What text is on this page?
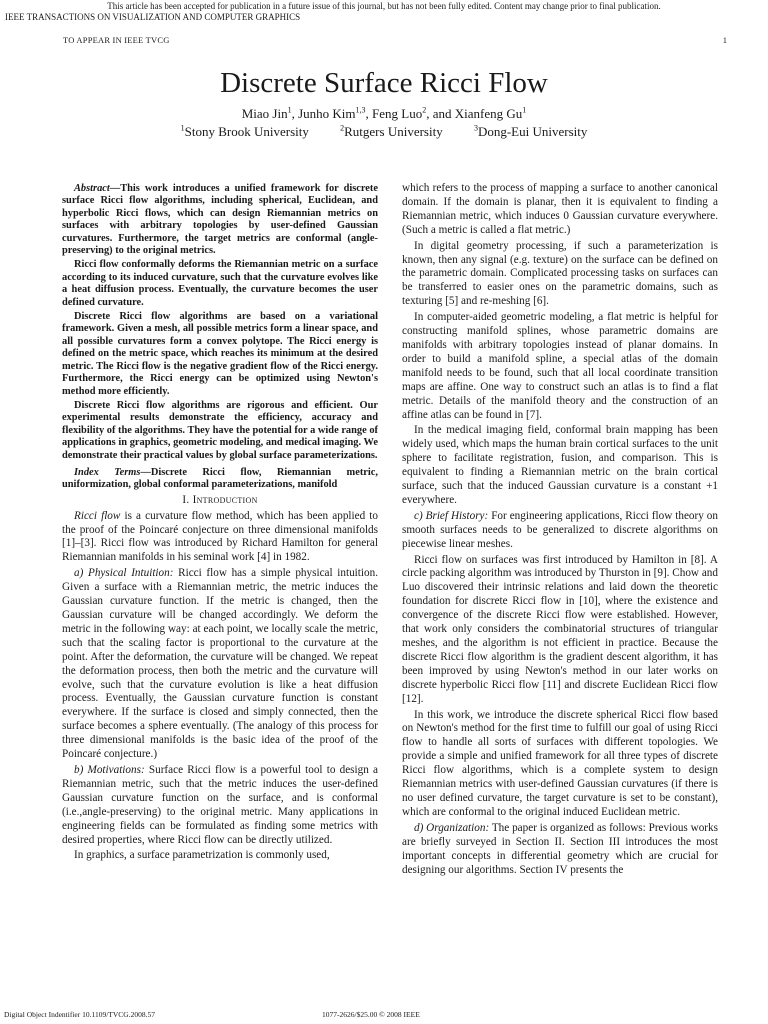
This article has been accepted for publication in a future issue of this journal, but has not been fully edited. Content may change prior to final publication.
IEEE TRANSACTIONS ON VISUALIZATION AND COMPUTER GRAPHICS
TO APPEAR IN IEEE TVCG	1
Discrete Surface Ricci Flow
Miao Jin$^1$, Junho Kim$^{1,3}$, Feng Luo$^2$, and Xianfeng Gu$^1$
$^1$Stony Brook University	$^2$Rutgers University	$^3$Dong-Eui University

Abstract—This work introduces a unified framework for discrete surface Ricci flow algorithms, including spherical, Euclidean, and hyperbolic Ricci flows, which can design Riemannian metrics on surfaces with arbitrary topologies by user-defined Gaussian curvatures. Furthermore, the target metrics are conformal (angle-preserving) to the original metrics.

Ricci flow conformally deforms the Riemannian metric on a surface according to its induced curvature, such that the curvature evolves like a heat diffusion process. Eventually, the curvature becomes the user defined curvature.

Discrete Ricci flow algorithms are based on a variational framework. Given a mesh, all possible metrics form a linear space, and all possible curvatures form a convex polytope. The Ricci energy is defined on the metric space, which reaches its minimum at the desired metric. The Ricci flow is the negative gradient flow of the Ricci energy. Furthermore, the Ricci energy can be optimized using Newton's method more efficiently.

Discrete Ricci flow algorithms are rigorous and efficient. Our experimental results demonstrate the efficiency, accuracy and flexibility of the algorithms. They have the potential for a wide range of applications in graphics, geometric modeling, and medical imaging. We demonstrate their practical values by global surface parameterizations.

Index Terms—Discrete Ricci flow, Riemannian metric, uniformization, global conformal parameterizations, manifold

I. Introduction

Ricci flow is a curvature flow method, which has been applied to the proof of the Poincaré conjecture on three dimensional manifolds [1]–[3]. Ricci flow was introduced by Richard Hamilton for general Riemannian manifolds in his seminal work [4] in 1982.

a) Physical Intuition: Ricci flow has a simple physical intuition. Given a surface with a Riemannian metric, the metric induces the Gaussian curvature function. If the metric is changed, then the Gaussian curvature will be changed accordingly. We deform the metric in the following way: at each point, we locally scale the metric, such that the scaling factor is proportional to the curvature at the point. After the deformation, the curvature will be changed. We repeat the deformation process, then both the metric and the curvature will evolve, such that the curvature evolution is like a heat diffusion process. Eventually, the Gaussian curvature function is constant everywhere. If the surface is closed and simply connected, then the surface becomes a sphere eventually. (The analogy of this process for three dimensional manifolds is the basic idea of the proof of the Poincaré conjecture.)

b) Motivations: Surface Ricci flow is a powerful tool to design a Riemannian metric, such that the metric induces the user-defined Gaussian curvature function on the surface, and is conformal (i.e.,angle-preserving) to the original metric. Many applications in engineering fields can be formulated as finding some metrics with desired properties, where Ricci flow can be directly utilized.

In graphics, a surface parametrization is commonly used,

which refers to the process of mapping a surface to another canonical domain. If the domain is planar, then it is equivalent to finding a Riemannian metric, which induces 0 Gaussian curvature everywhere. (Such a metric is called a flat metric.)

In digital geometry processing, if such a parameterization is known, then any signal (e.g. texture) on the surface can be defined on the parametric domain. Complicated processing tasks on surfaces can be transferred to easier ones on the parametric domains, such as texturing [5] and re-meshing [6].

In computer-aided geometric modeling, a flat metric is helpful for constructing manifold splines, whose parametric domains are manifolds with arbitrary topologies instead of planar domains. In order to build a manifold spline, a special atlas of the domain manifold needs to be found, such that all local coordinate transition maps are affine. One way to construct such an atlas is to find a flat metric. Details of the manifold theory and the construction of an affine atlas can be found in [7].

In the medical imaging field, conformal brain mapping has been widely used, which maps the human brain cortical surfaces to the unit sphere to facilitate registration, fusion, and comparison. This is equivalent to finding a Riemannian metric on the brain cortical surface, such that the induced Gaussian curvature is a constant +1 everywhere.

c) Brief History: For engineering applications, Ricci flow theory on smooth surfaces needs to be generalized to discrete algorithms on piecewise linear meshes.

Ricci flow on surfaces was first introduced by Hamilton in [8]. A circle packing algorithm was introduced by Thurston in [9]. Chow and Luo discovered their intrinsic relations and laid down the theoretic foundation for discrete Ricci flow in [10], where the existence and convergence of the discrete Ricci flow were established. However, that work only considers the combinatorial structures of triangular meshes, and the algorithm is not efficient in practice. Because the discrete Ricci flow algorithm is the gradient descent algorithm, it has been improved by using Newton's method in our later works on discrete hyperbolic Ricci flow [11] and discrete Euclidean Ricci flow [12].

In this work, we introduce the discrete spherical Ricci flow based on Newton's method for the first time to fulfill our goal of using Ricci flow to handle all sorts of surfaces with different topologies. We provide a simple and unified framework for all three types of discrete Ricci flow algorithms, which is a complete system to design Riemannian metrics with user-defined Gaussian curvatures (if there is no user defined curvature, the target curvature is set to be constant), which are conformal to the original induced Euclidean metric.

d) Organization: The paper is organized as follows: Previous works are briefly surveyed in Section II. Section III introduces the most important concepts in differential geometry which are crucial for designing our algorithms. Section IV presents the

Digital Object Indentifier 10.1109/TVCG.2008.57	1077-2626/$25.00 © 2008 IEEE
